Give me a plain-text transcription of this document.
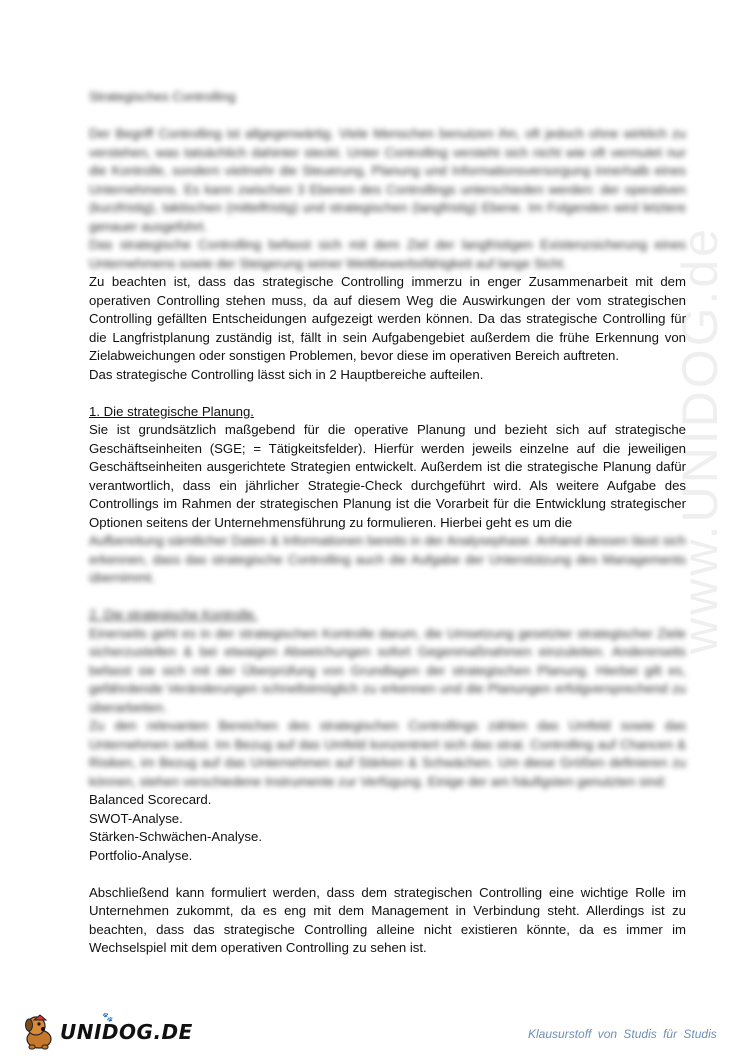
www.UNIDOG.de

Strategisches Controlling

Der Begriff Controlling ist allgegenwärtig. Viele Menschen benutzen ihn, oft jedoch ohne wirklich zu verstehen, was tatsächlich dahinter steckt. Unter Controlling versteht sich nicht wie oft vermutet nur die Kontrolle, sondern vielmehr die Steuerung, Planung und Informationsversorgung innerhalb eines Unternehmens. Es kann zwischen 3 Ebenen des Controllings unterschieden werden: der operativen (kurzfristig), taktischen (mittelfristig) und strategischen (langfristig) Ebene. Im Folgenden wird letztere genauer ausgeführt.

Das strategische Controlling befasst sich mit dem Ziel der langfristigen Existenzsicherung eines Unternehmens sowie der Steigerung seiner Wettbewerbsfähigkeit auf lange Sicht.

Zu beachten ist, dass das strategische Controlling immerzu in enger Zusammenarbeit mit dem operativen Controlling stehen muss, da auf diesem Weg die Auswirkungen der vom strategischen Controlling gefällten Entscheidungen aufgezeigt werden können. Da das strategische Controlling für die Langfristplanung zuständig ist, fällt in sein Aufgabengebiet außerdem die frühe Erkennung von Zielabweichungen oder sonstigen Problemen, bevor diese im operativen Bereich auftreten.

Das strategische Controlling lässt sich in 2 Hauptbereiche aufteilen.

1. Die strategische Planung.

Sie ist grundsätzlich maßgebend für die operative Planung und bezieht sich auf strategische Geschäftseinheiten (SGE; = Tätigkeitsfelder). Hierfür werden jeweils einzelne auf die jeweiligen Geschäftseinheiten ausgerichtete Strategien entwickelt. Außerdem ist die strategische Planung dafür verantwortlich, dass ein jährlicher Strategie-Check durchgeführt wird. Als weitere Aufgabe des Controllings im Rahmen der strategischen Planung ist die Vorarbeit für die Entwicklung strategischer Optionen seitens der Unternehmensführung zu formulieren. Hierbei geht es um die

Aufbereitung sämtlicher Daten & Informationen bereits in der Analysephase. Anhand dessen lässt sich erkennen, dass das strategische Controlling auch die Aufgabe der Unterstützung des Managements übernimmt.

2. Die strategische Kontrolle.

Einerseits geht es in der strategischen Kontrolle darum, die Umsetzung gesetzter strategischer Ziele sicherzustellen & bei etwaigen Abweichungen sofort Gegenmaßnahmen einzuleiten. Andererseits befasst sie sich mit der Überprüfung von Grundlagen der strategischen Planung. Hierbei gilt es, gefährdende Veränderungen schnellstmöglich zu erkennen und die Planungen erfolgversprechend zu überarbeiten.

Zu den relevanten Bereichen des strategischen Controllings zählen das Umfeld sowie das Unternehmen selbst. Im Bezug auf das Umfeld konzentriert sich das strat. Controlling auf Chancen & Risiken, im Bezug auf das Unternehmen auf Stärken & Schwächen. Um diese Größen definieren zu können, stehen verschiedene Instrumente zur Verfügung. Einige der am häufigsten genutzten sind:

Balanced Scorecard.
SWOT-Analyse.
Stärken-Schwächen-Analyse.
Portfolio-Analyse.

Abschließend kann formuliert werden, dass dem strategischen Controlling eine wichtige Rolle im Unternehmen zukommt, da es eng mit dem Management in Verbindung steht. Allerdings ist zu beachten, dass das strategische Controlling alleine nicht existieren könnte, da es immer im Wechselspiel mit dem operativen Controlling zu sehen ist.

🐾
UNIDOG.DE	Klausurstoff von Studis für Studis
